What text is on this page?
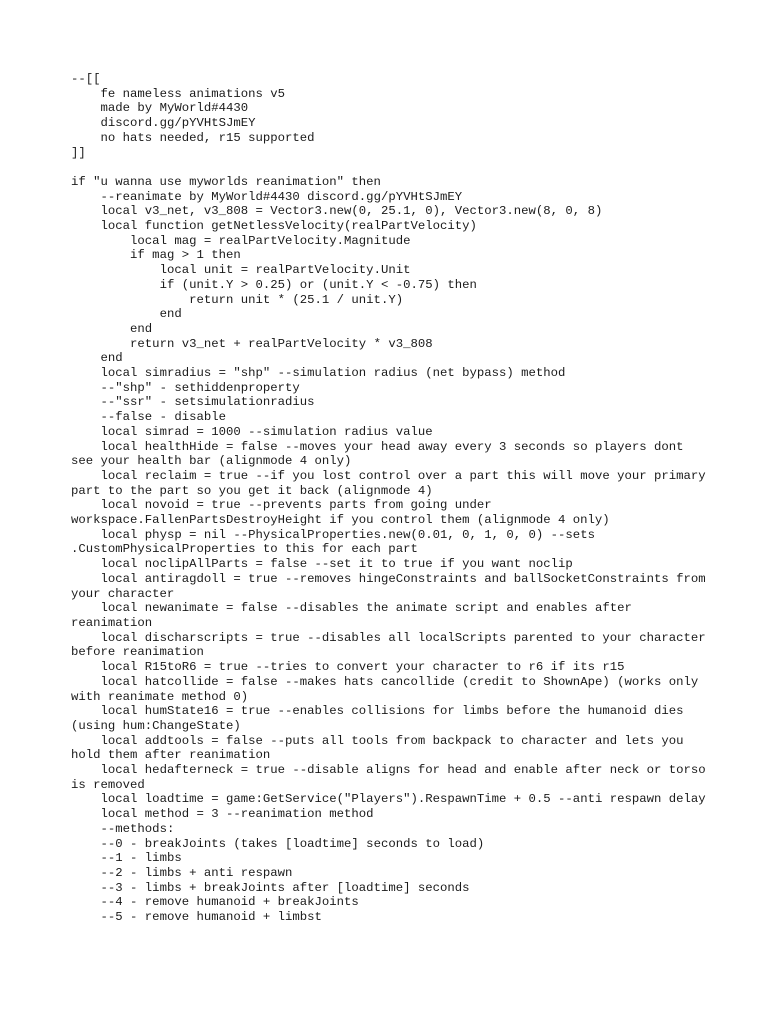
--[[
fe nameless animations v5
made by MyWorld#4430
discord.gg/pYVHtSJmEY
no hats needed, r15 supported
]]
if "u wanna use myworlds reanimation" then
--reanimate by MyWorld#4430 discord.gg/pYVHtSJmEY
local v3_net, v3_808 = Vector3.new(0, 25.1, 0), Vector3.new(8, 0, 8)
local function getNetlessVelocity(realPartVelocity)
local mag = realPartVelocity.Magnitude
if mag > 1 then
local unit = realPartVelocity.Unit
if (unit.Y > 0.25) or (unit.Y < -0.75) then
return unit * (25.1 / unit.Y)
end
end
return v3_net + realPartVelocity * v3_808
end
local simradius = "shp" --simulation radius (net bypass) method
--"shp" - sethiddenproperty
--"ssr" - setsimulationradius
--false - disable
local simrad = 1000 --simulation radius value
local healthHide = false --moves your head away every 3 seconds so players dont see your health bar (alignmode 4 only)
local reclaim = true --if you lost control over a part this will move your primary part to the part so you get it back (alignmode 4)
local novoid = true --prevents parts from going under workspace.FallenPartsDestroyHeight if you control them (alignmode 4 only)
local physp = nil --PhysicalProperties.new(0.01, 0, 1, 0, 0) --sets .CustomPhysicalProperties to this for each part
local noclipAllParts = false --set it to true if you want noclip
local antiragdoll = true --removes hingeConstraints and ballSocketConstraints from your character
local newanimate = false --disables the animate script and enables after reanimation
local discharscripts = true --disables all localScripts parented to your character before reanimation
local R15toR6 = true --tries to convert your character to r6 if its r15
local hatcollide = false --makes hats cancollide (credit to ShownApe) (works only with reanimate method 0)
local humState16 = true --enables collisions for limbs before the humanoid dies (using hum:ChangeState)
local addtools = false --puts all tools from backpack to character and lets you hold them after reanimation
local hedafterneck = true --disable aligns for head and enable after neck or torso is removed
local loadtime = game:GetService("Players").RespawnTime + 0.5 --anti respawn delay
local method = 3 --reanimation method
--methods:
--0 - breakJoints (takes [loadtime] seconds to load)
--1 - limbs
--2 - limbs + anti respawn
--3 - limbs + breakJoints after [loadtime] seconds
--4 - remove humanoid + breakJoints
--5 - remove humanoid + limbst
